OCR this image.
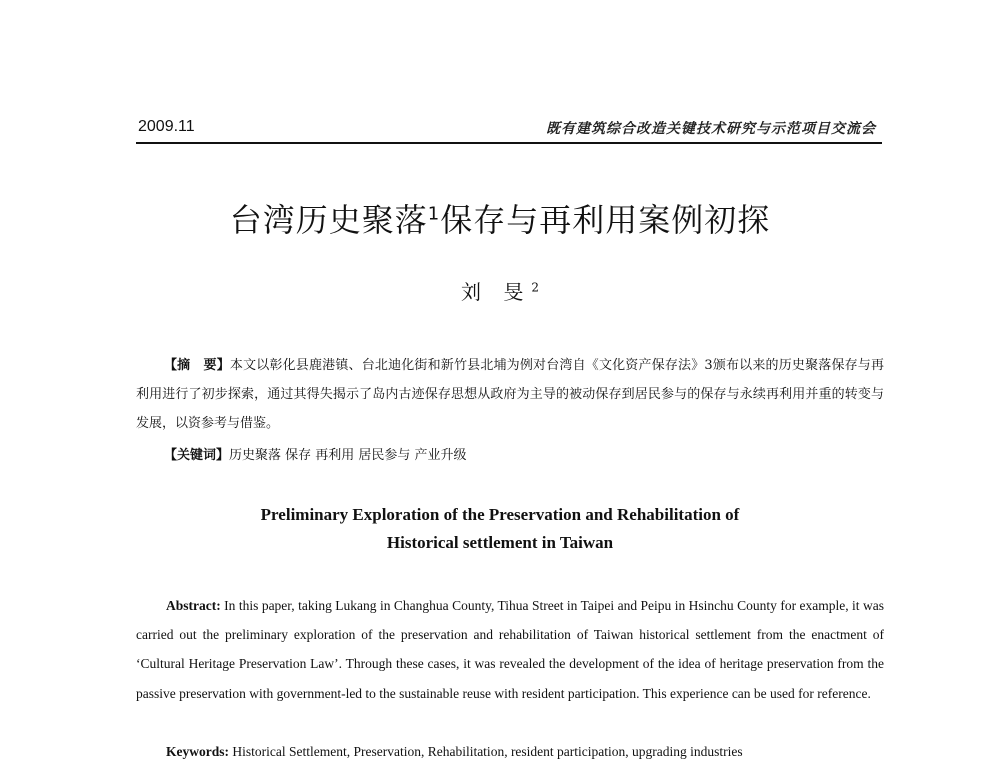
2009.11	既有建筑综合改造关键技术研究与示范项目交流会
台湾历史聚落$^1$保存与再利用案例初探
刘 旻$^2$
【摘　要】本文以彰化县鹿港镇、台北迪化街和新竹县北埔为例对台湾自《文化资产保存法》3颁布以来的历史聚落保存与再利用进行了初步探索，通过其得失揭示了岛内古迹保存思想从政府为主导的被动保存到居民参与的保存与永续再利用并重的转变与发展，以资参考与借鉴。
【关键词】历史聚落 保存 再利用 居民参与 产业升级
Preliminary Exploration of the Preservation and Rehabilitation of
Historical settlement in Taiwan
Abstract: In this paper, taking Lukang in Changhua County, Tihua Street in Taipei and Peipu in Hsinchu County for example, it was carried out the preliminary exploration of the preservation and rehabilitation of Taiwan historical settlement from the enactment of ‘Cultural Heritage Preservation Law’. Through these cases, it was revealed the development of the idea of heritage preservation from the passive preservation with government-led to the sustainable reuse with resident participation. This experience can be used for reference.
Keywords: Historical Settlement, Preservation, Rehabilitation, resident participation, upgrading industries
